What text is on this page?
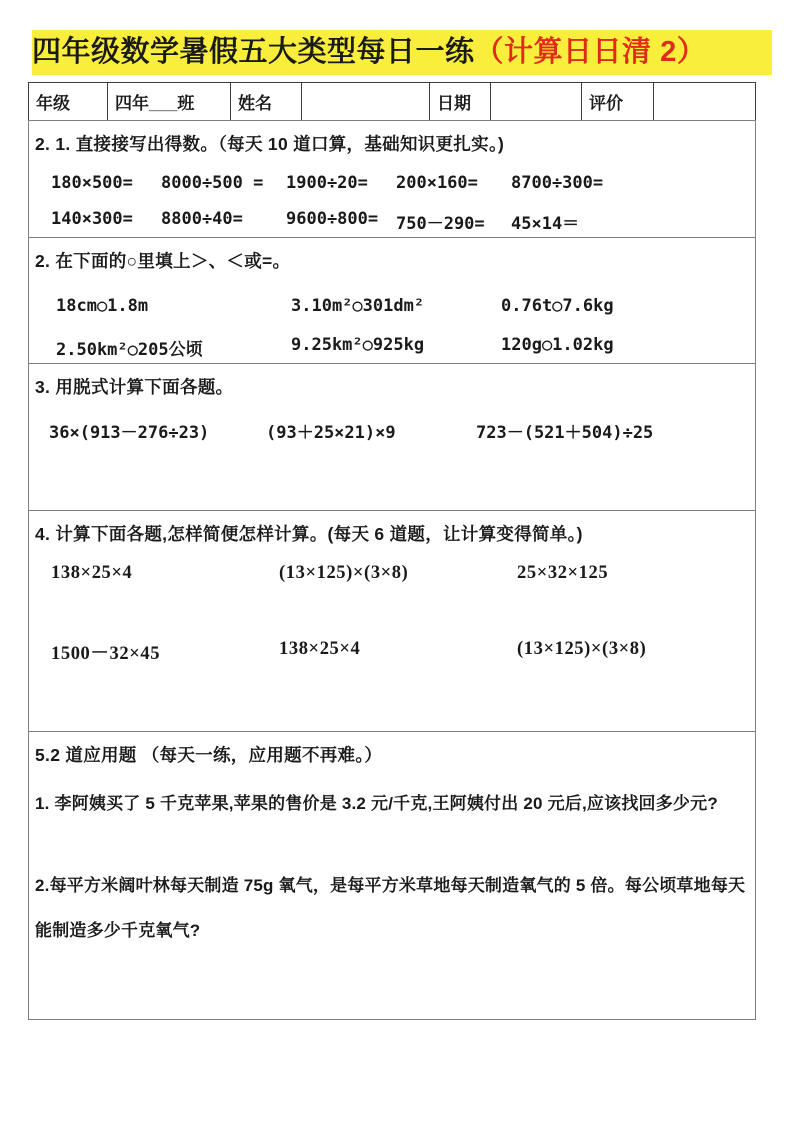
四年级数学暑假五大类型每日一练（计算日日清 2）
年级	四年___班	姓名		日期		评价	

2. 1. 直接接写出得数。（每天 10 道口算，基础知识更扎实。)

180×500=	8000÷500 =	1900÷20=	200×160=	8700÷300=
140×300=	8800÷40=	9600÷800=	750－290=	45×14＝

2. 在下面的○里填上＞、＜或=。

18cm○1.8m	3.10m²○301dm²	0.76t○7.6kg
2.50km²○205公顷	9.25km²○925kg	120g○1.02kg

3. 用脱式计算下面各题。

36×(913－276÷23)	(93＋25×21)×9	723－(521＋504)÷25

4. 计算下面各题,怎样简便怎样计算。(每天 6 道题，让计算变得简单。)

138×25×4	(13×125)×(3×8)	25×32×125
1500－32×45	138×25×4	(13×125)×(3×8)

5.2 道应用题 （每天一练，应用题不再难。）

1. 李阿姨买了 5 千克苹果,苹果的售价是 3.2 元/千克,王阿姨付出 20 元后,应该找回多少元?

2.每平方米阔叶林每天制造 75g 氧气，是每平方米草地每天制造氧气的 5 倍。每公顷草地每天能制造多少千克氧气?
